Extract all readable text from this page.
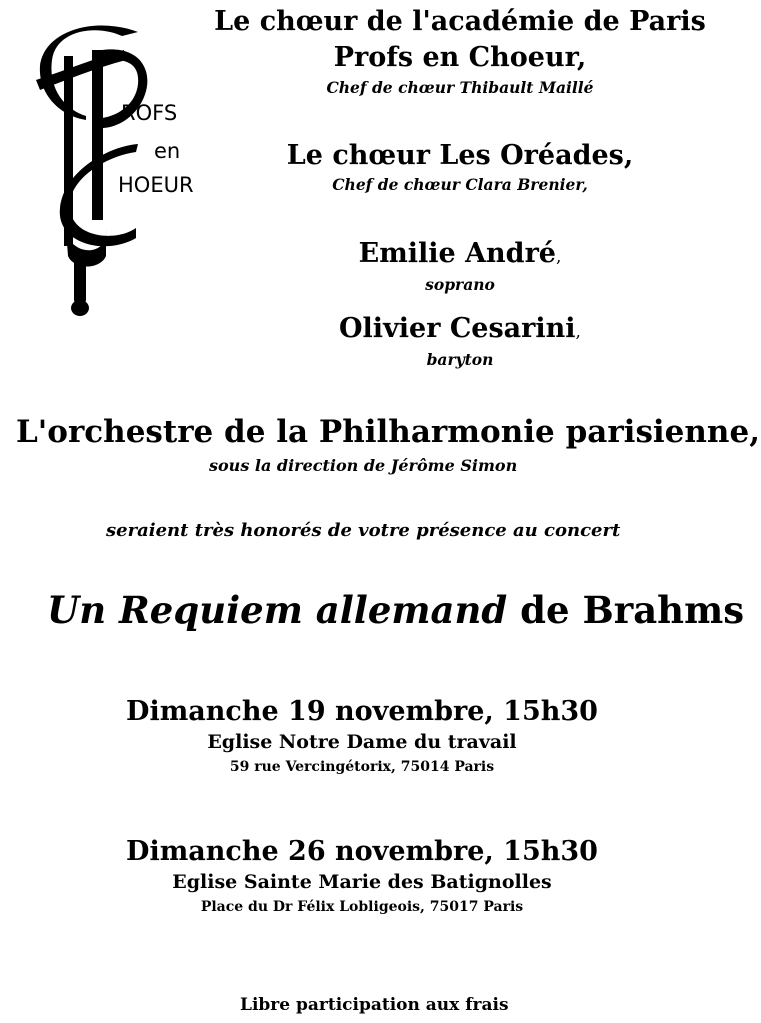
ROFS
en
HOEUR
Le chœur de l'académie de Paris
Profs en Choeur,
Chef de chœur Thibault Maillé
Le chœur Les Oréades,
Chef de chœur Clara Brenier,
Emilie André,
soprano
Olivier Cesarini,
baryton
L'orchestre de la Philharmonie parisienne,
sous la direction de Jérôme Simon
seraient très honorés de votre présence au concert
Un Requiem allemand de Brahms
Dimanche 19 novembre, 15h30
Eglise Notre Dame du travail
59 rue Vercingétorix, 75014 Paris
Dimanche 26 novembre, 15h30
Eglise Sainte Marie des Batignolles
Place du Dr Félix Lobligeois, 75017 Paris
Libre participation aux frais
